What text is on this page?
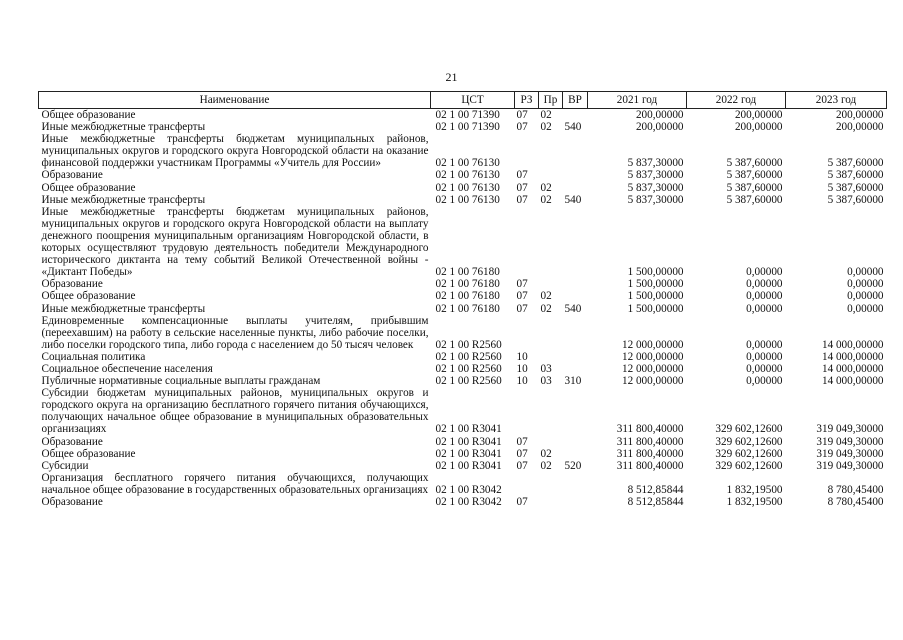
21
Наименование	ЦСТ	РЗ	Пр	ВР	2021 год	2022 год	2023 год

Общее образование	02 1 00 71390	07	02		200,00000	200,00000	200,00000

Иные межбюджетные трансферты	02 1 00 71390	07	02	540	200,00000	200,00000	200,00000

Иные межбюджетные трансферты бюджетам муниципальных районов, муниципальных округов и городского округа Новгородской области на оказание финансовой поддержки участникам Программы «Учитель для России»	02 1 00 76130				5 837,30000	5 387,60000	5 387,60000

Образование	02 1 00 76130	07			5 837,30000	5 387,60000	5 387,60000

Общее образование	02 1 00 76130	07	02		5 837,30000	5 387,60000	5 387,60000

Иные межбюджетные трансферты	02 1 00 76130	07	02	540	5 837,30000	5 387,60000	5 387,60000

Иные межбюджетные трансферты бюджетам муниципальных районов, муниципальных округов и городского округа Новгородской области на выплату денежного поощрения муниципальным организациям Новгородской области, в которых осуществляют трудовую деятельность победители Международного исторического диктанта на тему событий Великой Отечественной войны - «Диктант Победы»	02 1 00 76180				1 500,00000	0,00000	0,00000

Образование	02 1 00 76180	07			1 500,00000	0,00000	0,00000

Общее образование	02 1 00 76180	07	02		1 500,00000	0,00000	0,00000

Иные межбюджетные трансферты	02 1 00 76180	07	02	540	1 500,00000	0,00000	0,00000

Единовременные компенсационные выплаты учителям, прибывшим (переехавшим) на работу в сельские населенные пункты, либо рабочие поселки, либо поселки городского типа, либо города с населением до 50 тысяч человек	02 1 00 R2560				12 000,00000	0,00000	14 000,00000

Социальная политика	02 1 00 R2560	10			12 000,00000	0,00000	14 000,00000

Социальное обеспечение населения	02 1 00 R2560	10	03		12 000,00000	0,00000	14 000,00000

Публичные нормативные социальные выплаты гражданам	02 1 00 R2560	10	03	310	12 000,00000	0,00000	14 000,00000

Субсидии бюджетам муниципальных районов, муниципальных округов и городского округа на организацию бесплатного горячего питания обучающихся, получающих начальное общее образование в муниципальных образовательных организациях	02 1 00 R3041				311 800,40000	329 602,12600	319 049,30000

Образование	02 1 00 R3041	07			311 800,40000	329 602,12600	319 049,30000

Общее образование	02 1 00 R3041	07	02		311 800,40000	329 602,12600	319 049,30000

Субсидии	02 1 00 R3041	07	02	520	311 800,40000	329 602,12600	319 049,30000

Организация бесплатного горячего питания обучающихся, получающих начальное общее образование в государственных образовательных организациях	02 1 00 R3042				8 512,85844	1 832,19500	8 780,45400

Образование	02 1 00 R3042	07			8 512,85844	1 832,19500	8 780,45400
